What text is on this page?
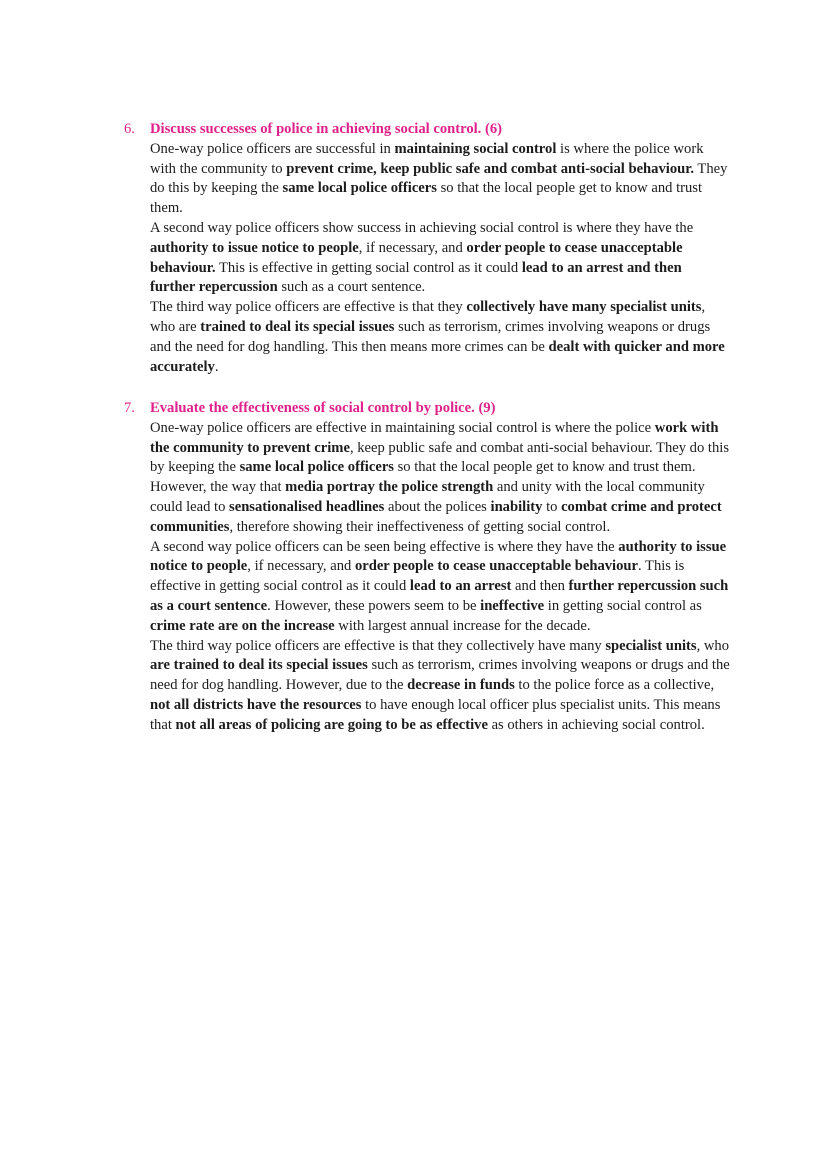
6.	Discuss successes of police in achieving social control. (6)

One-way police officers are successful in maintaining social control is where the police work with the community to prevent crime, keep public safe and combat anti-social behaviour. They do this by keeping the same local police officers so that the local people get to know and trust them.

A second way police officers show success in achieving social control is where they have the authority to issue notice to people, if necessary, and order people to cease unacceptable behaviour. This is effective in getting social control as it could lead to an arrest and then further repercussion such as a court sentence.

The third way police officers are effective is that they collectively have many specialist units, who are trained to deal its special issues such as terrorism, crimes involving weapons or drugs and the need for dog handling. This then means more crimes can be dealt with quicker and more accurately.

7.	Evaluate the effectiveness of social control by police. (9)

One-way police officers are effective in maintaining social control is where the police work with the community to prevent crime, keep public safe and combat anti-social behaviour. They do this by keeping the same local police officers so that the local people get to know and trust them. However, the way that media portray the police strength and unity with the local community could lead to sensationalised headlines about the polices inability to combat crime and protect communities, therefore showing their ineffectiveness of getting social control.

A second way police officers can be seen being effective is where they have the authority to issue notice to people, if necessary, and order people to cease unacceptable behaviour. This is effective in getting social control as it could lead to an arrest and then further repercussion such as a court sentence. However, these powers seem to be ineffective in getting social control as crime rate are on the increase with largest annual increase for the decade.

The third way police officers are effective is that they collectively have many specialist units, who are trained to deal its special issues such as terrorism, crimes involving weapons or drugs and the need for dog handling. However, due to the decrease in funds to the police force as a collective, not all districts have the resources to have enough local officer plus specialist units. This means that not all areas of policing are going to be as effective as others in achieving social control.
